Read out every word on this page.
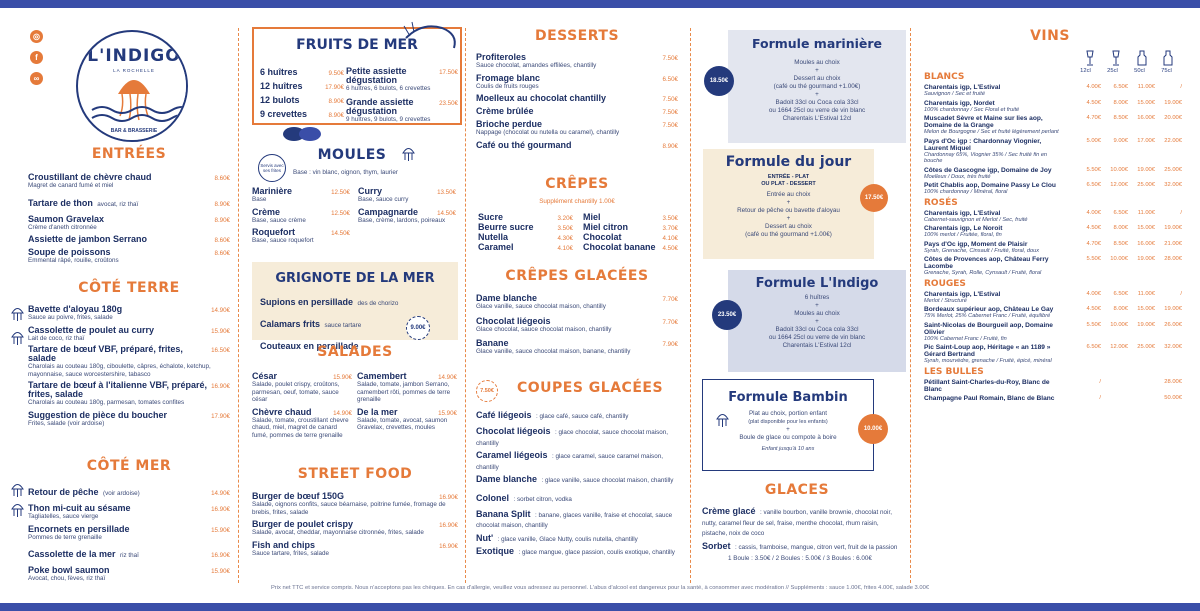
◎
f
∞
L'INDIGO
LA ROCHELLE
BAR & BRASSERIE
ENTRÉES
Croustillant de chèvre chaud	8.60€
Magret de canard fumé et miel
Tartare de thon avocat, riz thaï	8.90€
Saumon Gravelax	8.90€
Crème d'aneth citronnée
Assiette de jambon Serrano	8.60€
Soupe de poissons	8.60€
Emmental râpé, rouille, croûtons
CÔTÉ TERRE
Bavette d'aloyau 180g	14.90€
Sauce au poivre, frites, salade
Cassolette de poulet au curry	15.90€
Lait de coco, riz thaï
Tartare de bœuf VBF, préparé, frites, salade
16.50€
Charolais au couteau 180g, ciboulette, câpres, échalote, ketchup, mayonnaise, sauce worcestershire, tabasco
Tartare de bœuf à l'italienne VBF, préparé, frites, salade
16.90€
Charolais au couteau 180g, parmesan, tomates confites
Suggestion de pièce du boucher	17.90€
Frites, salade (voir ardoise)
CÔTÉ MER
Retour de pêche (voir ardoise)	14.90€
Thon mi-cuit au sésame	16.90€
Tagliatelles, sauce vierge
Encornets en persillade	15.90€
Pommes de terre grenaille
Cassolette de la mer riz thaï	16.90€
Poke bowl saumon	15.90€
Avocat, chou, fèves, riz thaï
FRUITS DE MER
6 huîtres	9.50€
12 huîtres	17.90€
12 bulots	8.90€
9 crevettes	8.90€
Petite assiette dégustation
17.50€
6 huîtres, 6 bulots, 6 crevettes
Grande assiette dégustation
23.50€
9 huîtres, 9 bulots, 9 crevettes
Servis avec ses frites
MOULES
Base : vin blanc, oignon, thym, laurier
Marinière	12.50€
Base
Crème	12.50€
Base, sauce crème
Roquefort	14.50€
Base, sauce roquefort
Curry	13.50€
Base, sauce curry
Campagnarde	14.50€
Base, crème, lardons, poireaux
GRIGNOTE DE LA MER
Supions en persillade des de chorizo
Calamars frits sauce tartare
Couteaux en persillade
9.00€
SALADES
César	15.90€
Salade, poulet crispy, croûtons, parmesan, oeuf, tomate, sauce césar
Chèvre chaud	14.90€
Salade, tomate, croustillant chevre chaud, miel, magret de canard fumé, pommes de terre grenaille
Camembert	14.90€
Salade, tomate, jambon Serrano, camembert rôti, pommes de terre grenaille
De la mer	15.90€
Salade, tomate, avocat, saumon Gravelax, crevettes, moules
STREET FOOD
Burger de bœuf 150G	16.90€
Salade, oignons confits, sauce béarnaise, poitrine fumée, fromage de brebis, frites, salade
Burger de poulet crispy	16.90€
Salade, avocat, cheddar, mayonnaise citronnée, frites, salade
Fish and chips	16.90€
Sauce tartare, frites, salade
DESSERTS
Profiteroles	7.50€
Sauce chocolat, amandes effilées, chantilly
Fromage blanc	6.50€
Coulis de fruits rouges
Moelleux au chocolat chantilly	7.50€
Crème brûlée	7.50€
Brioche perdue	7.50€
Nappage (chocolat ou nutella ou caramel), chantilly
Café ou thé gourmand	8.90€
CRÊPES
Supplément chantilly 1.00€
Sucre	3.20€ Miel	3.50€
Beurre sucre	3.50€ Miel citron	3.70€
Nutella	4.30€ Chocolat	4.10€
Caramel	4.10€ Chocolat banane 4.50€
CRÊPES GLACÉES
Dame blanche	7.70€
Glace vanille, sauce chocolat maison, chantilly
Chocolat liégeois	7.70€
Glace chocolat, sauce chocolat maison, chantilly
Banane	7.90€
Glace vanille, sauce chocolat maison, banane, chantilly
7.50€	COUPES GLACÉES
Café liégeois : glace café, sauce café, chantilly
Chocolat liégeois : glace chocolat, sauce chocolat maison, chantilly
Caramel liégeois : glace caramel, sauce caramel maison, chantilly
Dame blanche : glace vanille, sauce chocolat maison, chantilly
Colonel : sorbet citron, vodka
Banana Split : banane, glaces vanille, fraise et chocolat, sauce chocolat maison, chantilly
Nut' : glace vanille, Glace Nutty, coulis nutella, chantilly
Exotique : glace mangue, glace passion, coulis exotique, chantilly
Formule marinière
Moules au choix
+
Dessert au choix
(café ou thé gourmand +1.00€)
+
Badoit 33cl ou Coca cola 33cl
ou 1664 25cl ou verre de vin blanc
Charentais L'Estival 12cl
18.50€
Formule du jour
ENTRÉE - PLAT
OU PLAT - DESSERT
Entrée au choix
+
Retour de pêche ou bavette d'aloyau
+
Dessert au choix
(café ou thé gourmand +1.00€)
17.50€
Formule L'Indigo
6 huîtres
+
Moules au choix
+
Badoit 33cl ou Coca cola 33cl
ou 1664 25cl ou verre de vin blanc
Charentais L'Estival 12cl
23.50€
Formule Bambin
Plat au choix, portion enfant
(plat disponible pour les enfants)
+
Boule de glace ou compote à boire
Enfant jusqu'à 10 ans
10.00€
GLACES
Crème glacé : vanille bourbon, vanille brownie, chocolat noir, nutty, caramel fleur de sel, fraise, menthe chocolat, rhum raisin, pistache, noix de coco
Sorbet : cassis, framboise, mangue, citron vert, fruit de la passion
1 Boule : 3.50€ / 2 Boules : 5.00€ / 3 Boules : 6.00€
VINS
12cl	25cl	50cl	75cl
BLANCS
Charentais igp, L'Estival
Sauvignon / Sec et fruité
4.00€	6.50€	11.00€	/
Charentais igp, Nordet
100% chardonnay / Sec Floral et fruité
4.50€	8.00€	15.00€	19.00€
Muscadet Sèvre et Maine sur lies aop, Domaine de la Grange
Melon de Bourgogne / Sec et fruité légèrement perlant
4.70€	8.50€	16.00€	20.00€
Pays d'Oc igp : Chardonnay Viognier, Laurent Miquel
Chardonnay 65%, Viognier 35% / Sec fruité fin en bouche
5.00€	9.00€	17.00€	22.00€
Côtes de Gascogne igp, Domaine de Joy
Moelleux / Doux, très fruité
5.50€	10.00€	19.00€	25.00€
Petit Chablis aop, Domaine Passy Le Clou
100% chardonnay / Minéral, floral
6.50€	12.00€	25.00€	32.00€
ROSÉS
Charentais igp, L'Estival
Cabernet-sauvignon et Merlot / Sec, fruité
4.00€	6.50€	11.00€	/
Charentais igp, Le Noroit
100% merlot / Fruitée, floral, fin
4.50€	8.00€	15.00€	19.00€
Pays d'Oc igp, Moment de Plaisir
Syrah, Grenache, Cinsault / Fruité, floral, doux
4.70€	8.50€	16.00€	21.00€
Côtes de Provences aop, Château Ferry Lacombe
Grenache, Syrah, Rolle, Cynsault / Fruité, floral
5.50€	10.00€	19.00€	28.00€
ROUGES
Charentais igp, L'Estival
Merlot / Structuré
4.00€	6.50€	11.00€	/
Bordeaux supérieur aop, Château Le Gay
75% Merlot, 25% Cabernet Franc / Fruité, équilibré
4.50€	8.00€	15.00€	19.00€
Saint-Nicolas de Bourgueil aop, Domaine Olivier
100% Cabernet Franc / Fruité, fin
5.50€	10.00€	19.00€	26.00€
Pic Saint-Loup aop, Héritage « an 1189 » Gérard Bertrand
Syrah, mourvèdre, grenache / Fruité, épicé, minéral
6.50€	12.00€	25.00€	32.00€
LES BULLES
Pétillant Saint-Charles-du-Roy, Blanc de Blanc
/	28.00€
Champagne Paul Romain, Blanc de Blanc	/	50.00€
Prix net TTC et service compris. Nous n'acceptons pas les chèques. En cas d'allergie, veuillez vous adressez au personnel. L'abus d'alcool est dangereux pour la santé, à consommer avec modération // Suppléments : sauce 1.00€, frites 4.00€, salade 3.00€
